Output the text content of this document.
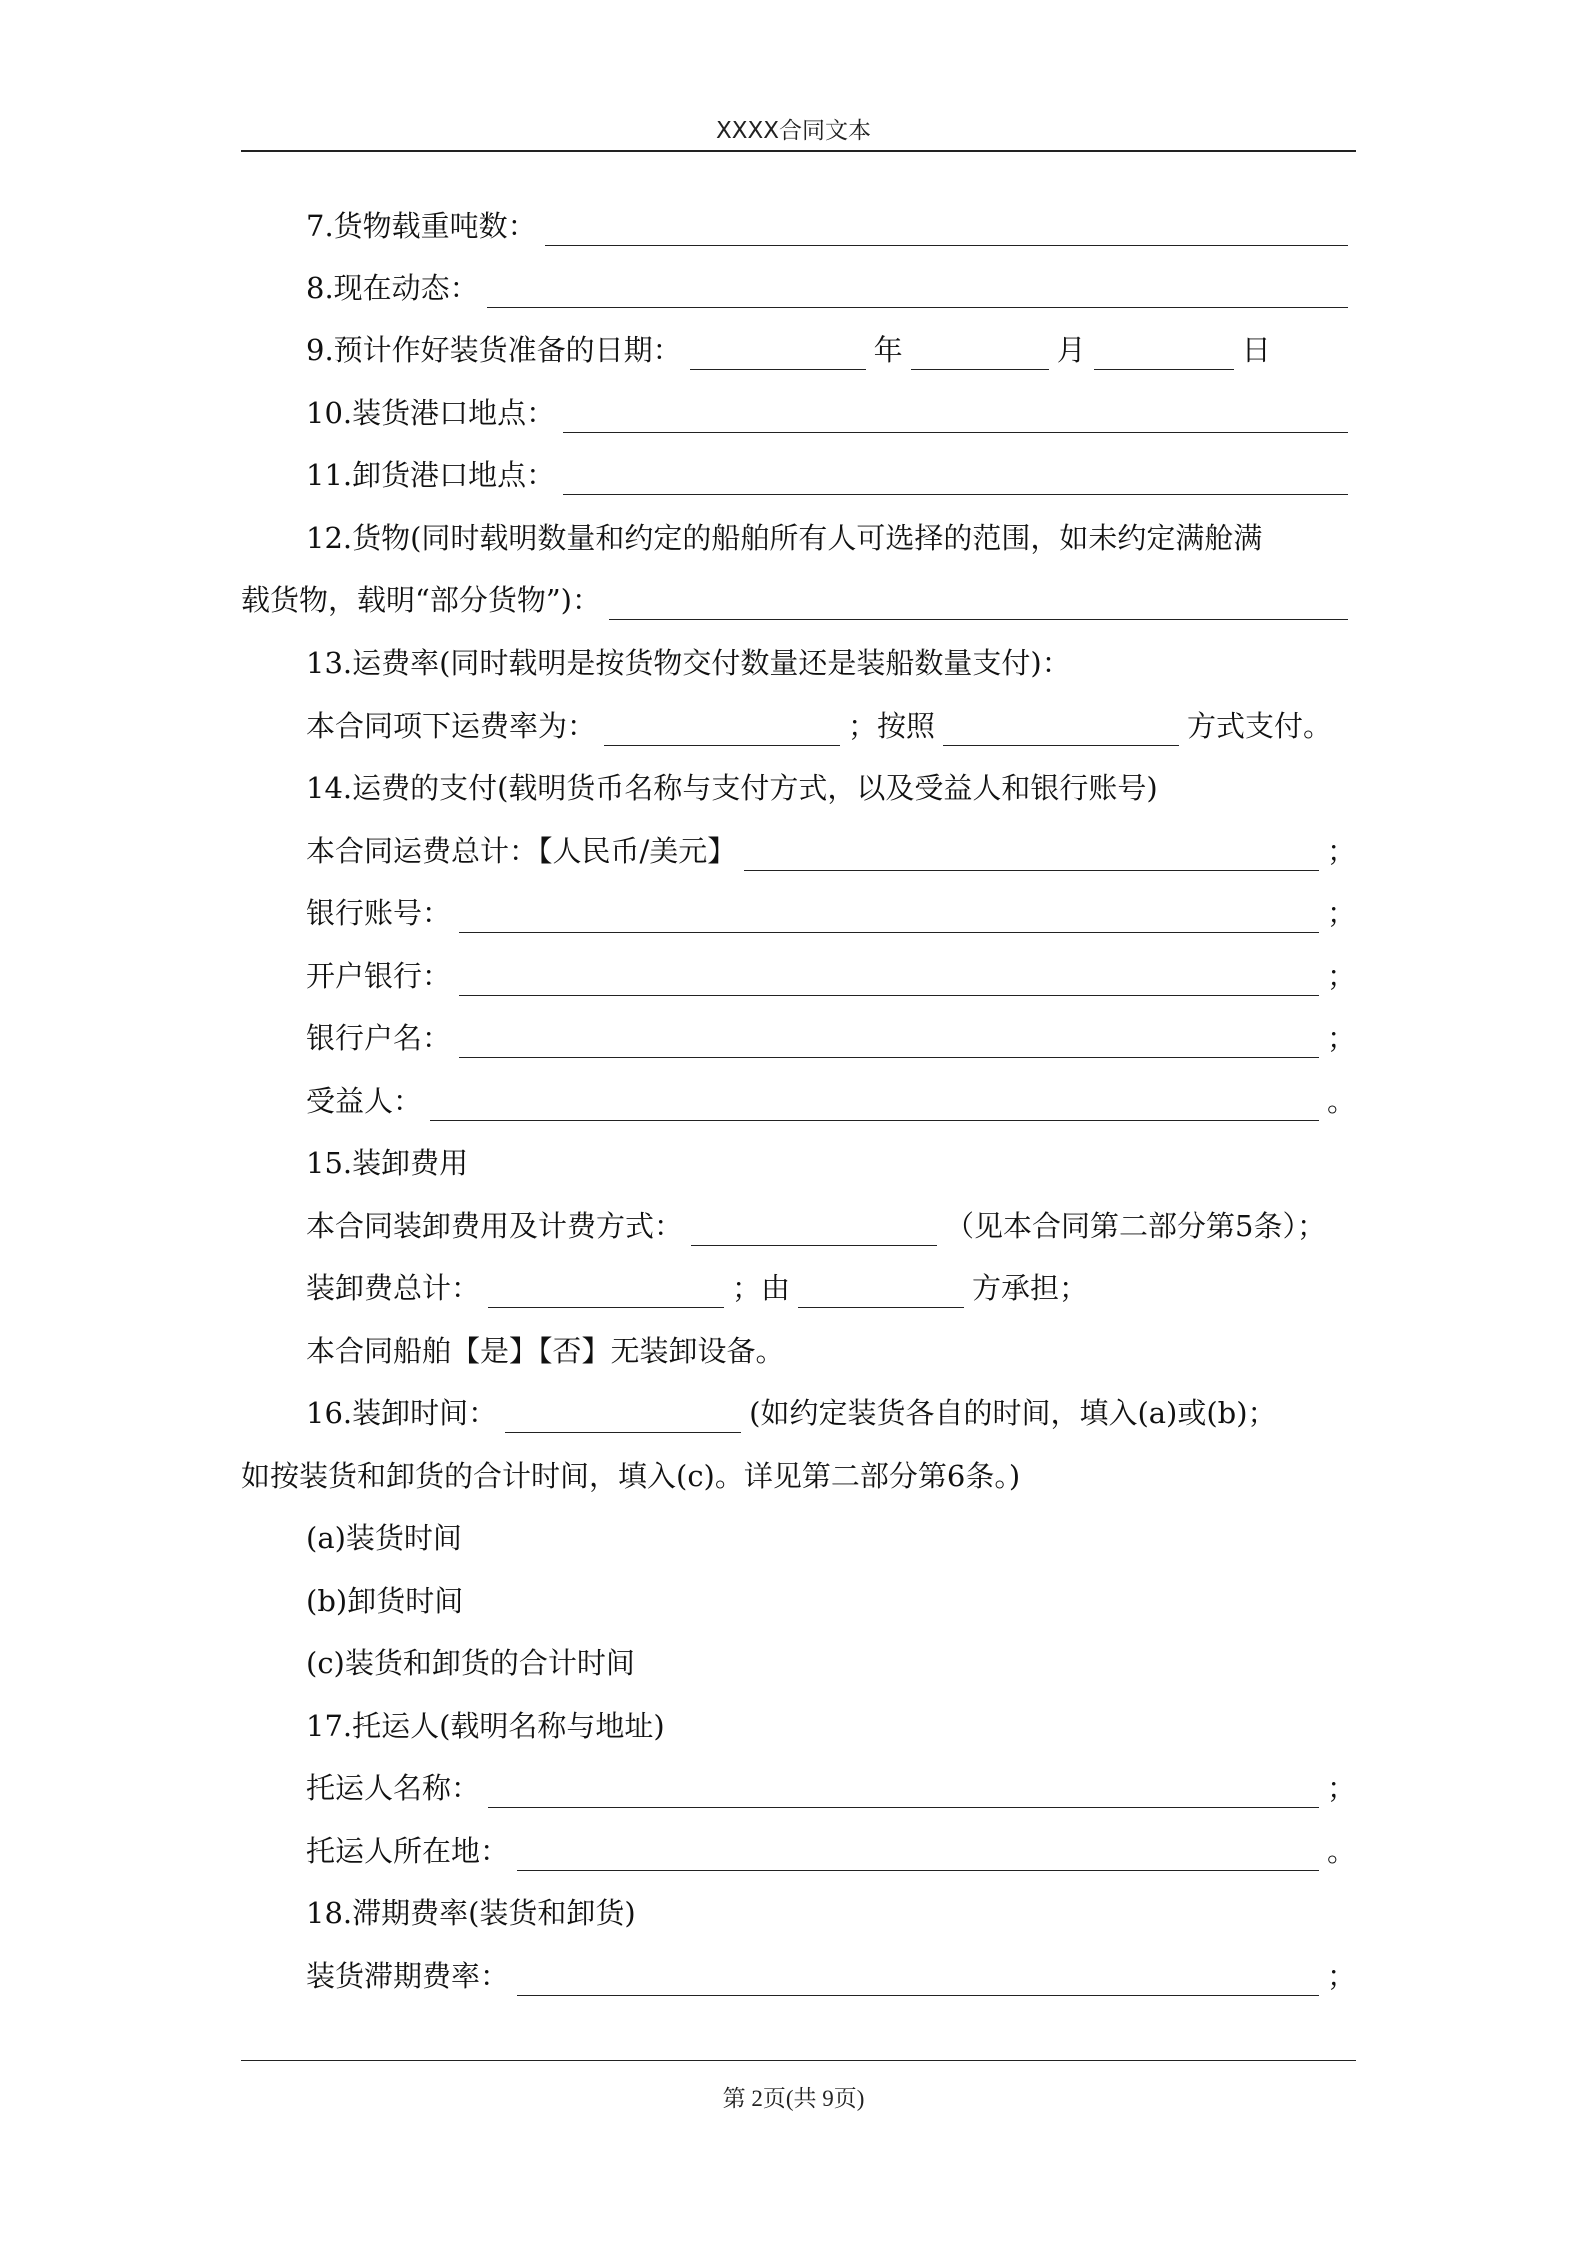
XXXX合同文本
7.货物载重吨数：
8.现在动态：
9.预计作好装货准备的日期：	年	月	日
10.装货港口地点：
11.卸货港口地点：
12.货物(同时载明数量和约定的船舶所有人可选择的范围，如未约定满舱满
载货物，载明“部分货物”)：
13.运费率(同时载明是按货物交付数量还是装船数量支付)：
本合同项下运费率为：	；按照	方式支付。
14.运费的支付(载明货币名称与支付方式，以及受益人和银行账号)
本合同运费总计：【人民币/美元】	；
银行账号：	；
开户银行：	；
银行户名：	；
受益人：	。
15.装卸费用
本合同装卸费用及计费方式：	（见本合同第二部分第5条）；
装卸费总计：	；由	方承担；
本合同船舶【是】【否】无装卸设备。
16.装卸时间：	(如约定装货各自的时间，填入(a)或(b)；
如按装货和卸货的合计时间，填入(c)。详见第二部分第6条。)
(a)装货时间
(b)卸货时间
(c)装货和卸货的合计时间
17.托运人(载明名称与地址)
托运人名称：	；
托运人所在地：	。
18.滞期费率(装货和卸货)
装货滞期费率：	；
第 2页(共 9页)
